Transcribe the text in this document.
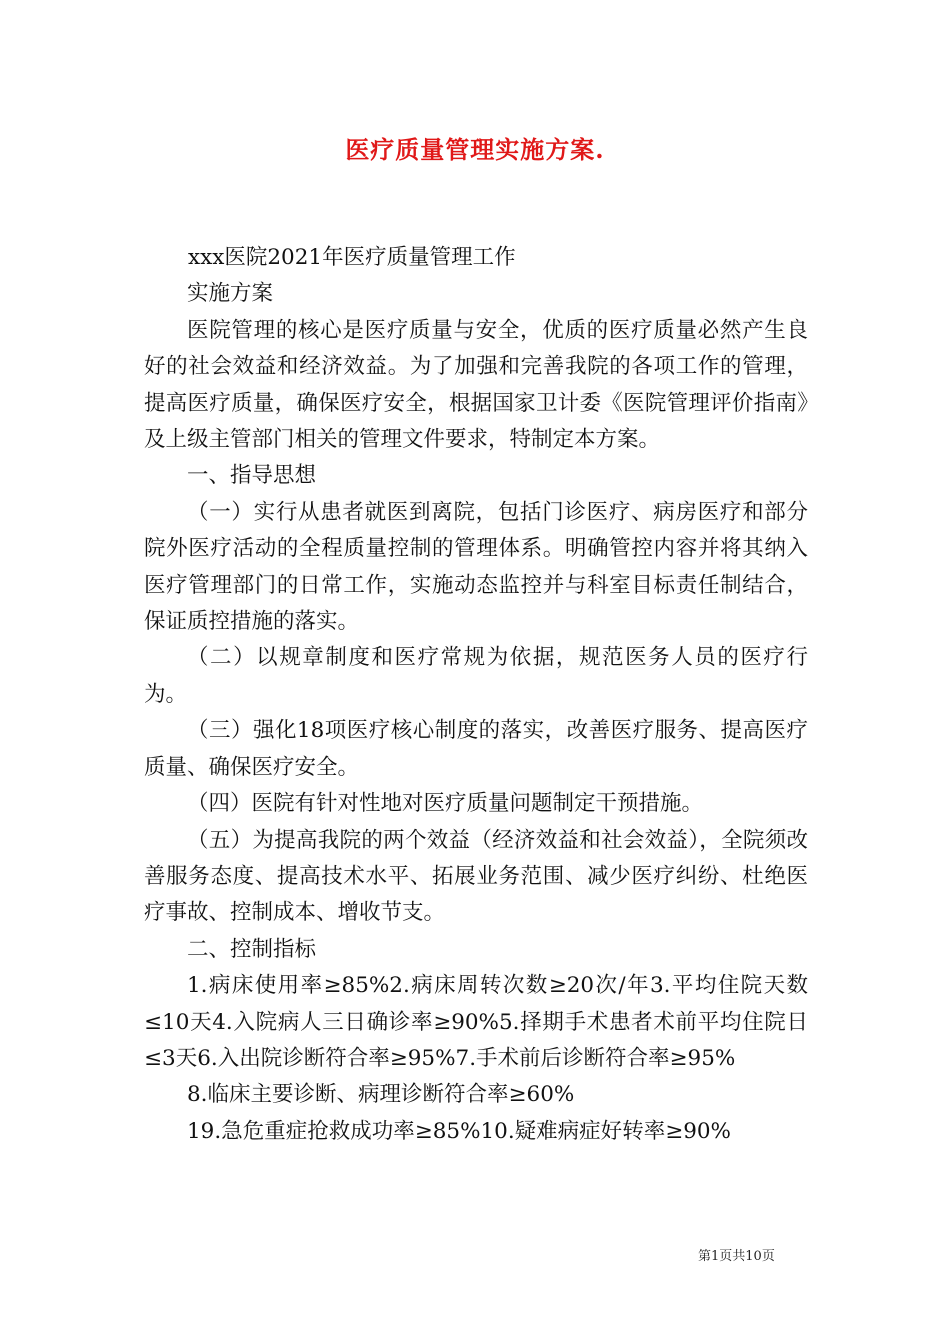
医疗质量管理实施方案.

xxx医院2021年医疗质量管理工作

实施方案

医院管理的核心是医疗质量与安全，优质的医疗质量必然产生良好的社会效益和经济效益。为了加强和完善我院的各项工作的管理，提高医疗质量，确保医疗安全，根据国家卫计委《医院管理评价指南》及上级主管部门相关的管理文件要求，特制定本方案。

一、指导思想

（一）实行从患者就医到离院，包括门诊医疗、病房医疗和部分院外医疗活动的全程质量控制的管理体系。明确管控内容并将其纳入医疗管理部门的日常工作，实施动态监控并与科室目标责任制结合，保证质控措施的落实。

（二）以规章制度和医疗常规为依据，规范医务人员的医疗行为。

（三）强化18项医疗核心制度的落实，改善医疗服务、提高医疗质量、确保医疗安全。

（四）医院有针对性地对医疗质量问题制定干预措施。

（五）为提高我院的两个效益（经济效益和社会效益），全院须改善服务态度、提高技术水平、拓展业务范围、减少医疗纠纷、杜绝医疗事故、控制成本、增收节支。

二、控制指标

1.病床使用率≥85%2.病床周转次数≥20次/年3.平均住院天数≤10天4.入院病人三日确诊率≥90%5.择期手术患者术前平均住院日≤3天6.入出院诊断符合率≥95%7.手术前后诊断符合率≥95%

8.临床主要诊断、病理诊断符合率≥60%

19.急危重症抢救成功率≥85%10.疑难病症好转率≥90%

第1页共10页
